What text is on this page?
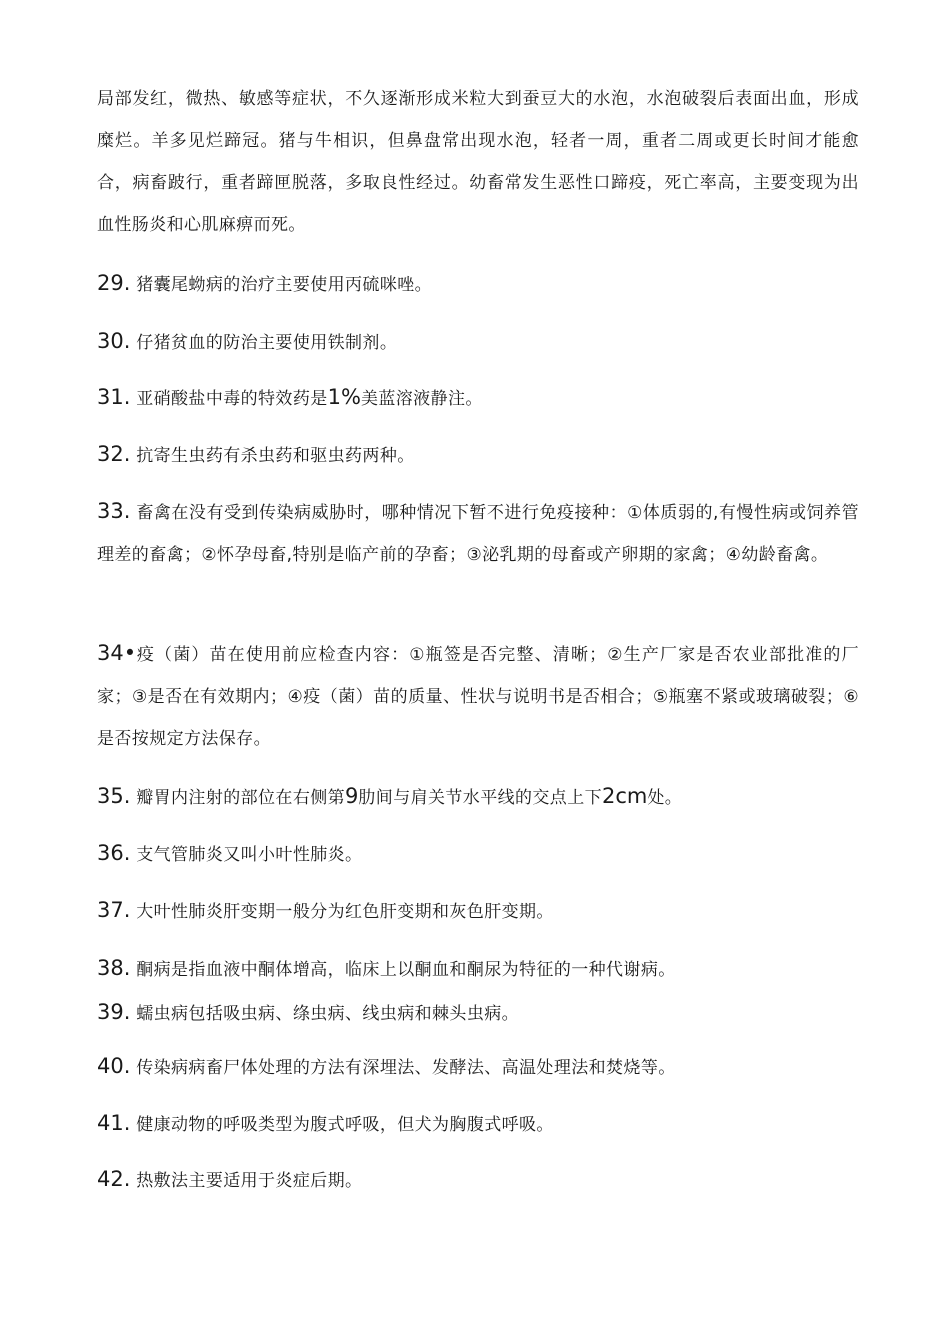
局部发红，微热、敏感等症状，不久逐渐形成米粒大到蚕豆大的水泡，水泡破裂后表面出血，形成糜烂。羊多见烂蹄冠。猪与牛相识，但鼻盘常出现水泡，轻者一周，重者二周或更长时间才能愈合，病畜跛行，重者蹄匣脱落，多取良性经过。幼畜常发生恶性口蹄疫，死亡率高，主要变现为出血性肠炎和心肌麻痹而死。

29. 猪囊尾蚴病的治疗主要使用丙硫咪唑。

30. 仔猪贫血的防治主要使用铁制剂。

31. 亚硝酸盐中毒的特效药是1%美蓝溶液静注。

32. 抗寄生虫药有杀虫药和驱虫药两种。

33. 畜禽在没有受到传染病威胁时，哪种情况下暂不进行免疫接种：①体质弱的,有慢性病或饲养管理差的畜禽；②怀孕母畜,特别是临产前的孕畜；③泌乳期的母畜或产卵期的家禽；④幼龄畜禽。

34•疫（菌）苗在使用前应检查内容：①瓶签是否完整、清晰；②生产厂家是否农业部批准的厂家；③是否在有效期内；④疫（菌）苗的质量、性状与说明书是否相合；⑤瓶塞不紧或玻璃破裂；⑥是否按规定方法保存。

35. 瓣胃内注射的部位在右侧第9肋间与肩关节水平线的交点上下2cm处。

36. 支气管肺炎又叫小叶性肺炎。

37. 大叶性肺炎肝变期一般分为红色肝变期和灰色肝变期。

38. 酮病是指血液中酮体增高，临床上以酮血和酮尿为特征的一种代谢病。

39. 蠕虫病包括吸虫病、绦虫病、线虫病和棘头虫病。

40. 传染病病畜尸体处理的方法有深埋法、发酵法、高温处理法和焚烧等。

41. 健康动物的呼吸类型为腹式呼吸，但犬为胸腹式呼吸。

42. 热敷法主要适用于炎症后期。
